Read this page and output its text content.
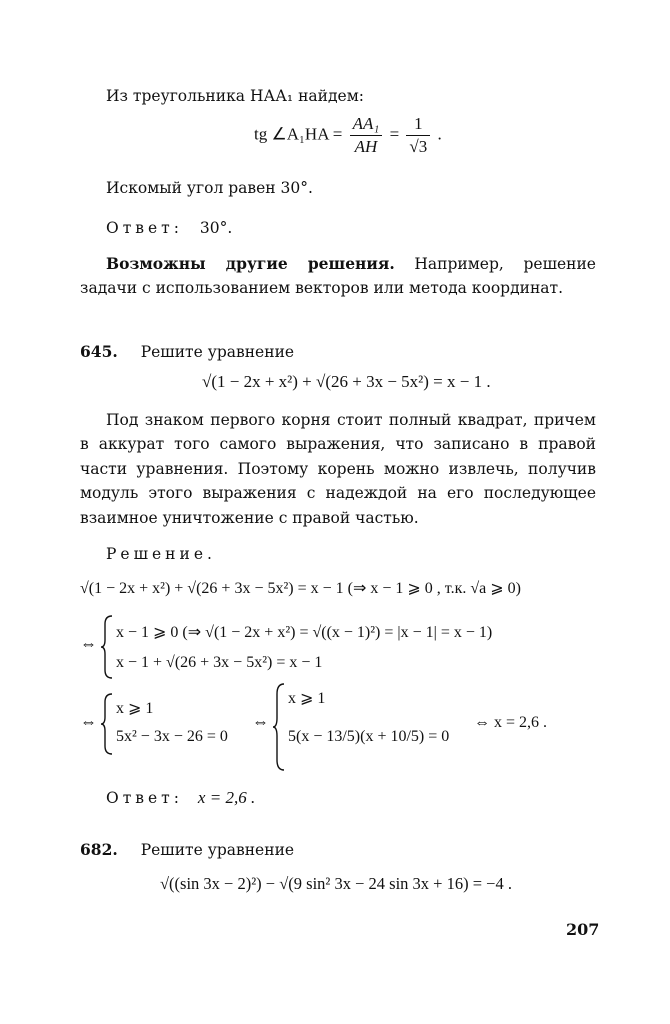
Из треугольника НАА₁ найдем:
tg ∠A₁HA = $\frac{\text{AA₁}}{AH} = \frac{1}{√3}$ .
Искомый угол равен 30°.
Ответ: 30°.
Возможны другие решения. Например, решение задачи с использованием векторов или метода координат.
645. Решите уравнение
√(1 − 2x + x²) + √(26 + 3x − 5x²) = x − 1 .
Под знаком первого корня стоит полный квадрат, причем в аккурат того самого выражения, что записано в правой части уравнения. Поэтому корень можно извлечь, получив модуль этого выражения с надеждой на его последующее взаимное уничтожение с правой частью.
Решение.
√(1 − 2x + x²) + √(26 + 3x − 5x²) = x − 1 (⇒ x − 1 ⩾ 0 , т.к. √a ⩾ 0)
⇔
x − 1 ⩾ 0 (⇒ √(1 − 2x + x²) = √((x − 1)²) = |x − 1| = x − 1)
x − 1 + √(26 + 3x − 5x²) = x − 1
⇔
x ⩾ 1
5x² − 3x − 26 = 0
⇔
x ⩾ 1
5(x − 13/5)(x + 10/5) = 0
⇔ x = 2,6 .
Ответ: x = 2,6 .
682. Решите уравнение
√((sin 3x − 2)²) − √(9 sin² 3x − 24 sin 3x + 16) = −4 .
207
